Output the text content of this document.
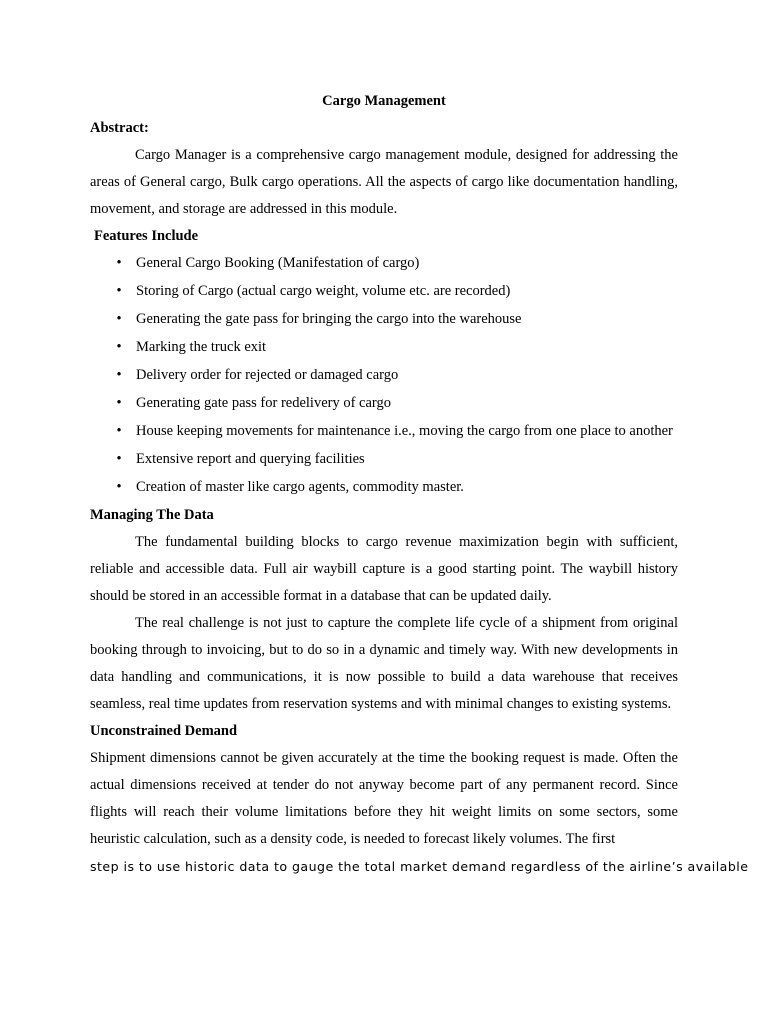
Cargo Management
Abstract:

Cargo Manager is a comprehensive cargo management module, designed for addressing the areas of General cargo, Bulk cargo operations. All the aspects of cargo like documentation handling, movement, and storage are addressed in this module.

Features Include
• General Cargo Booking (Manifestation of cargo)
• Storing of Cargo (actual cargo weight, volume etc. are recorded)
• Generating the gate pass for bringing the cargo into the warehouse
• Marking the truck exit
• Delivery order for rejected or damaged cargo
• Generating gate pass for redelivery of cargo
• House keeping movements for maintenance i.e., moving the cargo from one place to another
• Extensive report and querying facilities
• Creation of master like cargo agents, commodity master.
Managing The Data

The fundamental building blocks to cargo revenue maximization begin with sufficient, reliable and accessible data. Full air waybill capture is a good starting point. The waybill history should be stored in an accessible format in a database that can be updated daily.

The real challenge is not just to capture the complete life cycle of a shipment from original booking through to invoicing, but to do so in a dynamic and timely way. With new developments in data handling and communications, it is now possible to build a data warehouse that receives seamless, real time updates from reservation systems and with minimal changes to existing systems.

Unconstrained Demand

Shipment dimensions cannot be given accurately at the time the booking request is made. Often the actual dimensions received at tender do not anyway become part of any permanent record. Since flights will reach their volume limitations before they hit weight limits on some sectors, some heuristic calculation, such as a density code, is needed to forecast likely volumes. The first

step is to use historic data to gauge the total market demand regardless of the airline’s available
